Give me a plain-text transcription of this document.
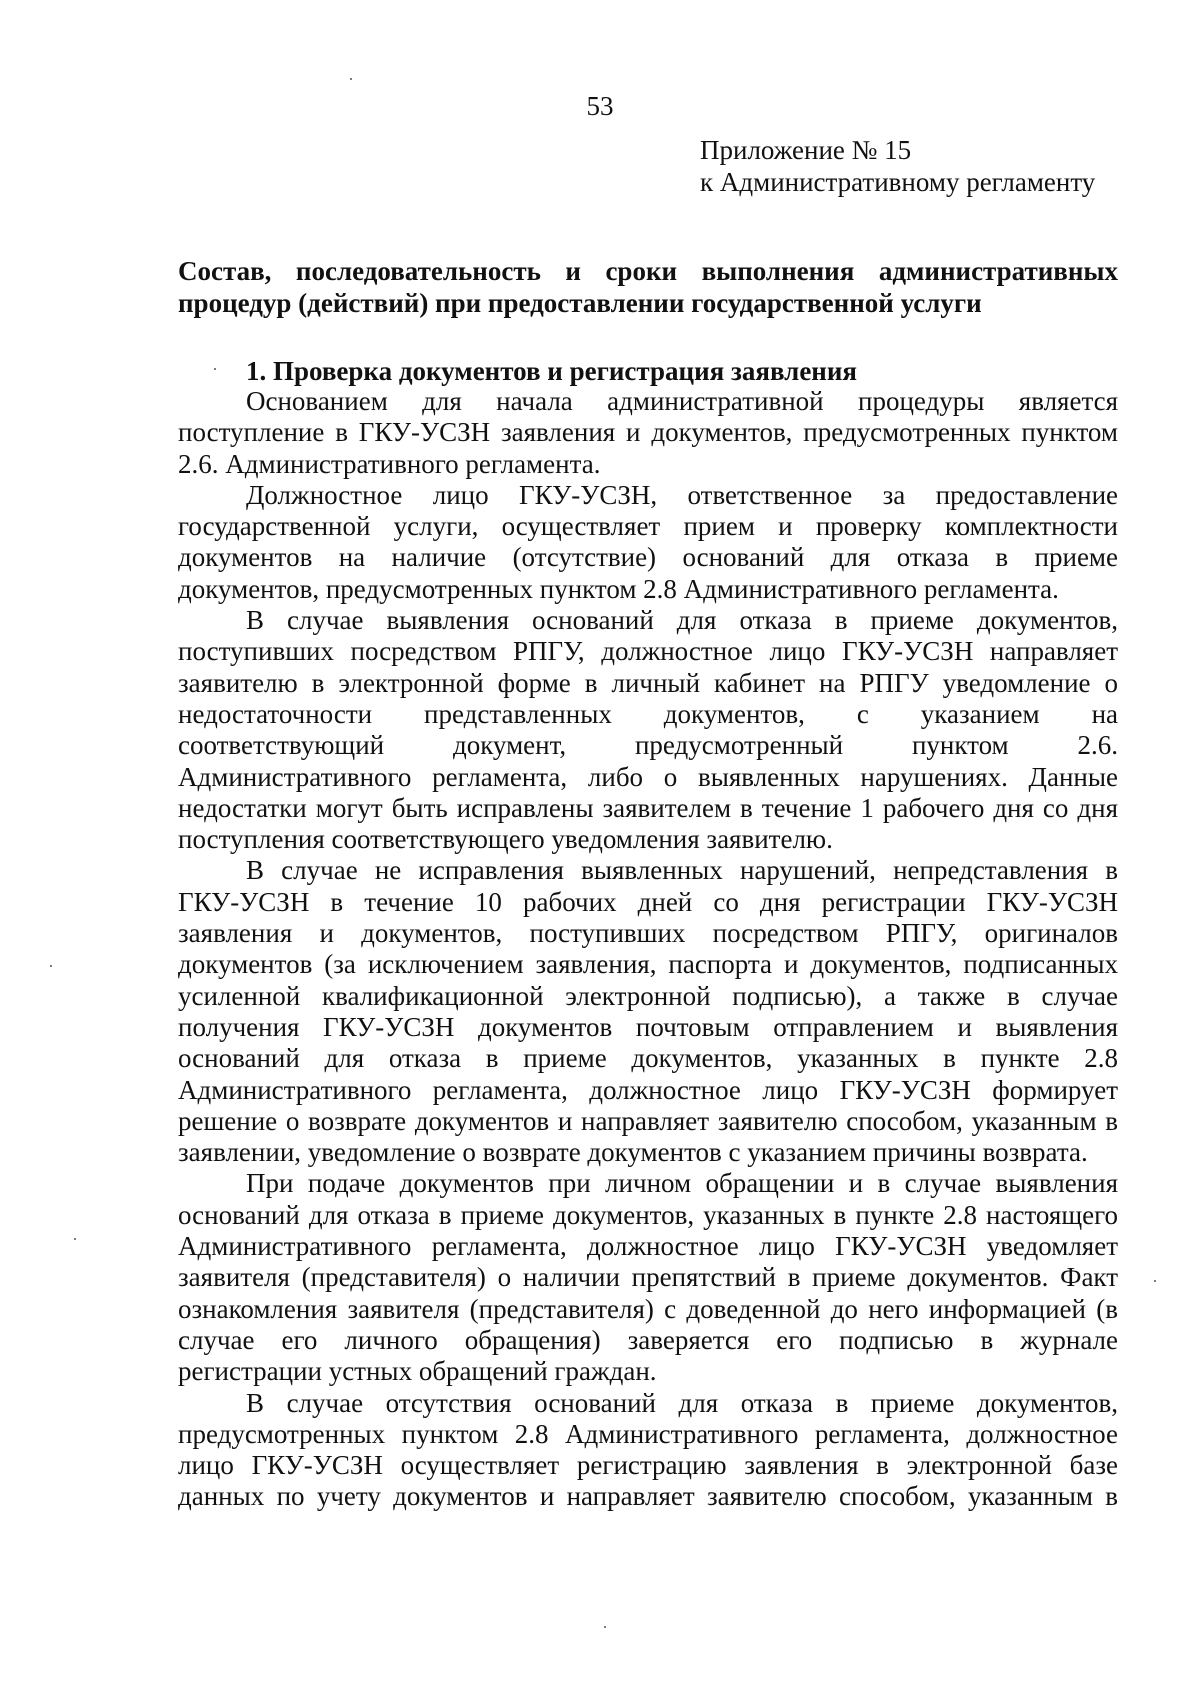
53
Приложение № 15
к Административному регламенту
Состав, последовательность и сроки выполнения административных
процедур (действий) при предоставлении государственной услуги
1. Проверка документов и регистрация заявления
Основанием для начала административной процедуры является
поступление в ГКУ-УСЗН заявления и документов, предусмотренных пунктом
2.6. Административного регламента.
Должностное лицо ГКУ-УСЗН, ответственное за предоставление
государственной услуги, осуществляет прием и проверку комплектности
документов на наличие (отсутствие) оснований для отказа в приеме
документов, предусмотренных пунктом 2.8 Административного регламента.
В случае выявления оснований для отказа в приеме документов,
поступивших посредством РПГУ, должностное лицо ГКУ-УСЗН направляет
заявителю в электронной форме в личный кабинет на РПГУ уведомление о
недостаточности представленных документов, с указанием на
соответствующий документ, предусмотренный пунктом 2.6.
Административного регламента, либо о выявленных нарушениях. Данные
недостатки могут быть исправлены заявителем в течение 1 рабочего дня со дня
поступления соответствующего уведомления заявителю.
В случае не исправления выявленных нарушений, непредставления в
ГКУ-УСЗН в течение 10 рабочих дней со дня регистрации ГКУ-УСЗН
заявления и документов, поступивших посредством РПГУ, оригиналов
документов (за исключением заявления, паспорта и документов, подписанных
усиленной квалификационной электронной подписью), а также в случае
получения ГКУ-УСЗН документов почтовым отправлением и выявления
оснований для отказа в приеме документов, указанных в пункте 2.8
Административного регламента, должностное лицо ГКУ-УСЗН формирует
решение о возврате документов и направляет заявителю способом, указанным в
заявлении, уведомление о возврате документов с указанием причины возврата.
При подаче документов при личном обращении и в случае выявления
оснований для отказа в приеме документов, указанных в пункте 2.8 настоящего
Административного регламента, должностное лицо ГКУ-УСЗН уведомляет
заявителя (представителя) о наличии препятствий в приеме документов. Факт
ознакомления заявителя (представителя) с доведенной до него информацией (в
случае его личного обращения) заверяется его подписью в журнале
регистрации устных обращений граждан.
В случае отсутствия оснований для отказа в приеме документов,
предусмотренных пунктом 2.8 Административного регламента, должностное
лицо ГКУ-УСЗН осуществляет регистрацию заявления в электронной базе
данных по учету документов и направляет заявителю способом, указанным в
